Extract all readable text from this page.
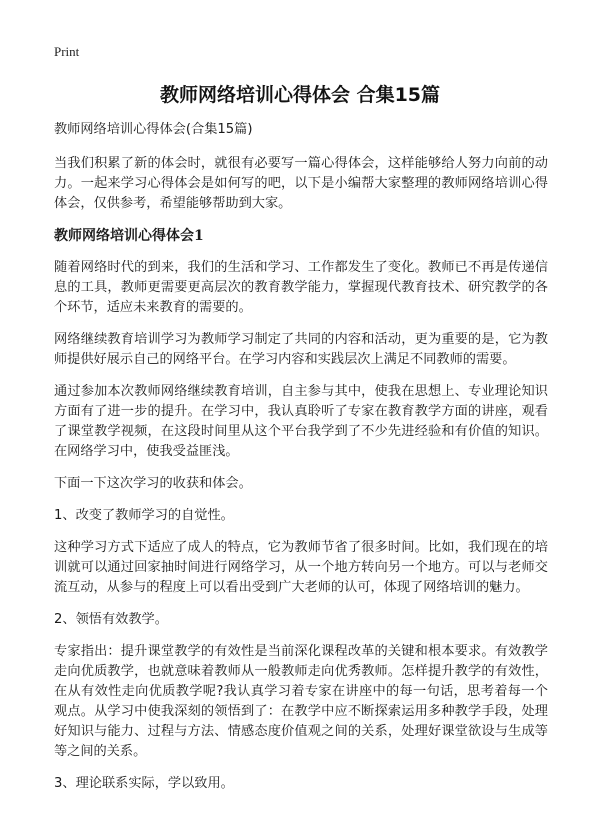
Print
教师网络培训心得体会 合集15篇

教师网络培训心得体会(合集15篇)

当我们积累了新的体会时，就很有必要写一篇心得体会，这样能够给人努力向前的动力。一起来学习心得体会是如何写的吧，以下是小编帮大家整理的教师网络培训心得体会，仅供参考，希望能够帮助到大家。

教师网络培训心得体会1

随着网络时代的到来，我们的生活和学习、工作都发生了变化。教师已不再是传递信息的工具，教师更需要更高层次的教育教学能力，掌握现代教育技术、研究教学的各个环节，适应未来教育的需要的。

网络继续教育培训学习为教师学习制定了共同的内容和活动，更为重要的是，它为教师提供好展示自己的网络平台。在学习内容和实践层次上满足不同教师的需要。

通过参加本次教师网络继续教育培训，自主参与其中，使我在思想上、专业理论知识方面有了进一步的提升。在学习中，我认真聆听了专家在教育教学方面的讲座，观看了课堂教学视频，在这段时间里从这个平台我学到了不少先进经验和有价值的知识。在网络学习中，使我受益匪浅。

下面一下这次学习的收获和体会。

1、改变了教师学习的自觉性。

这种学习方式下适应了成人的特点，它为教师节省了很多时间。比如，我们现在的培训就可以通过回家抽时间进行网络学习，从一个地方转向另一个地方。可以与老师交流互动，从参与的程度上可以看出受到广大老师的认可，体现了网络培训的魅力。

2、领悟有效教学。

专家指出：提升课堂教学的有效性是当前深化课程改革的关键和根本要求。有效教学走向优质教学，也就意味着教师从一般教师走向优秀教师。怎样提升教学的有效性，在从有效性走向优质教学呢?我认真学习着专家在讲座中的每一句话，思考着每一个观点。从学习中使我深刻的领悟到了：在教学中应不断探索运用多种教学手段，处理好知识与能力、过程与方法、情感态度价值观之间的关系，处理好课堂欲设与生成等等之间的关系。

3、理论联系实际，学以致用。
